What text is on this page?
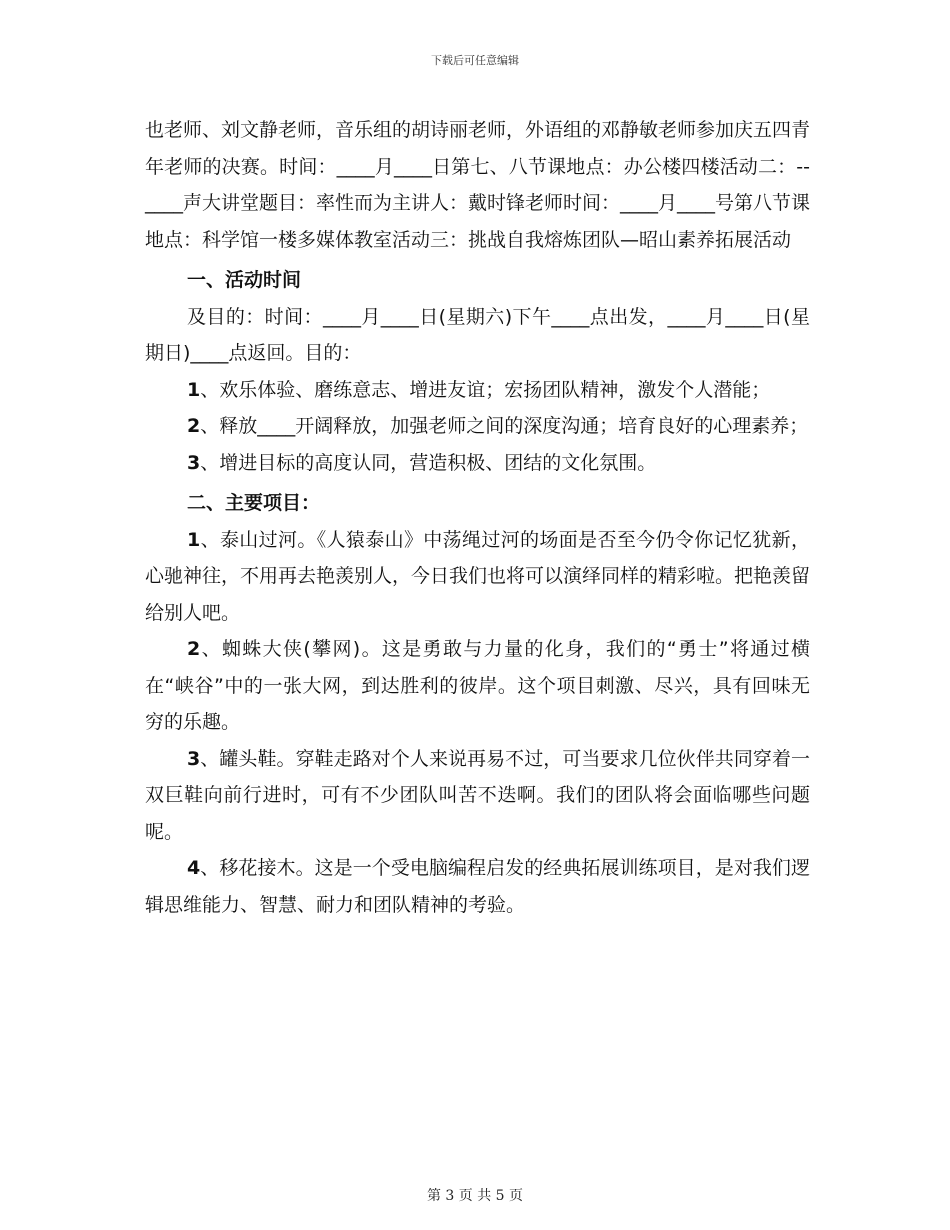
下载后可任意编辑

也老师、刘文静老师，音乐组的胡诗丽老师，外语组的邓静敏老师参加庆五四青年老师的决赛。时间：____月____日第七、八节课地点：办公楼四楼活动二：--____声大讲堂题目：率性而为主讲人：戴时锋老师时间：____月____号第八节课地点：科学馆一楼多媒体教室活动三：挑战自我熔炼团队—昭山素养拓展活动

一、活动时间

及目的：时间：____月____日(星期六)下午____点出发，____月____日(星期日)____点返回。目的：

1、欢乐体验、磨练意志、增进友谊；宏扬团队精神，激发个人潜能；

2、释放____开阔释放，加强老师之间的深度沟通；培育良好的心理素养；

3、增进目标的高度认同，营造积极、团结的文化氛围。

二、主要项目：

1、泰山过河。《人猿泰山》中荡绳过河的场面是否至今仍令你记忆犹新，心驰神往，不用再去艳羡别人，今日我们也将可以演绎同样的精彩啦。把艳羡留给别人吧。

2、蜘蛛大侠(攀网)。这是勇敢与力量的化身，我们的“勇士”将通过横在“峡谷”中的一张大网，到达胜利的彼岸。这个项目刺激、尽兴，具有回味无穷的乐趣。

3、罐头鞋。穿鞋走路对个人来说再易不过，可当要求几位伙伴共同穿着一双巨鞋向前行进时，可有不少团队叫苦不迭啊。我们的团队将会面临哪些问题呢。

4、移花接木。这是一个受电脑编程启发的经典拓展训练项目，是对我们逻辑思维能力、智慧、耐力和团队精神的考验。

第 3 页 共 5 页
